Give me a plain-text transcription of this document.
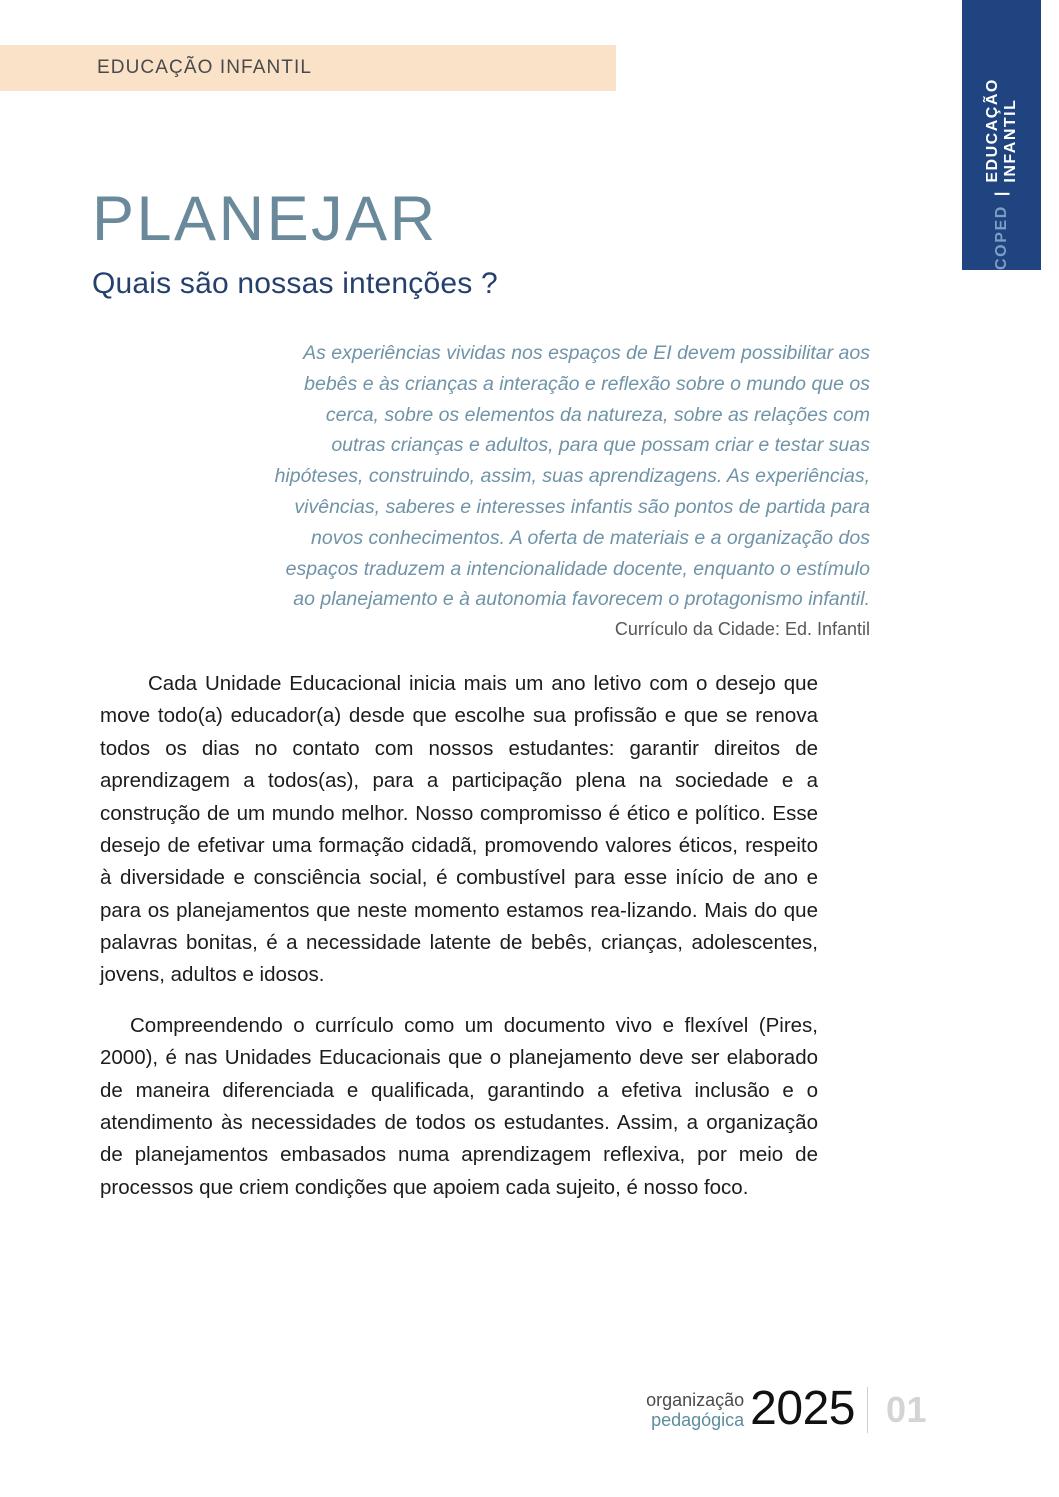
EDUCAÇÃO INFANTIL
COPED
|
EDUCAÇÃO INFANTIL
PLANEJAR
Quais são nossas intenções ?

As experiências vividas nos espaços de EI devem possibilitar aos bebês e às crianças a interação e reflexão sobre o mundo que os cerca, sobre os elementos da natureza, sobre as relações com outras crianças e adultos, para que possam criar e testar suas hipóteses, construindo, assim, suas aprendizagens. As experiências, vivências, saberes e interesses infantis são pontos de partida para novos conhecimentos. A oferta de materiais e a organização dos espaços traduzem a intencionalidade docente, enquanto o estímulo ao planejamento e à autonomia favorecem o protagonismo infantil.

Currículo da Cidade: Ed. Infantil

Cada Unidade Educacional inicia mais um ano letivo com o desejo que move todo(a) educador(a) desde que escolhe sua profissão e que se renova todos os dias no contato com nossos estudantes: garantir direitos de aprendizagem a todos(as), para a participação plena na sociedade e a construção de um mundo melhor. Nosso compromisso é ético e político. Esse desejo de efetivar uma formação cidadã, promovendo valores éticos, respeito à diversidade e consciência social, é combustível para esse início de ano e para os planejamentos que neste momento estamos rea-lizando. Mais do que palavras bonitas, é a necessidade latente de bebês, crianças, adolescentes, jovens, adultos e idosos.

Compreendendo o currículo como um documento vivo e flexível (Pires, 2000), é nas Unidades Educacionais que o planejamento deve ser elaborado de maneira diferenciada e qualificada, garantindo a efetiva inclusão e o atendimento às necessidades de todos os estudantes. Assim, a organização de planejamentos embasados numa aprendizagem reflexiva, por meio de processos que criem condições que apoiem cada sujeito, é nosso foco.

organização
pedagógica 2025 01
